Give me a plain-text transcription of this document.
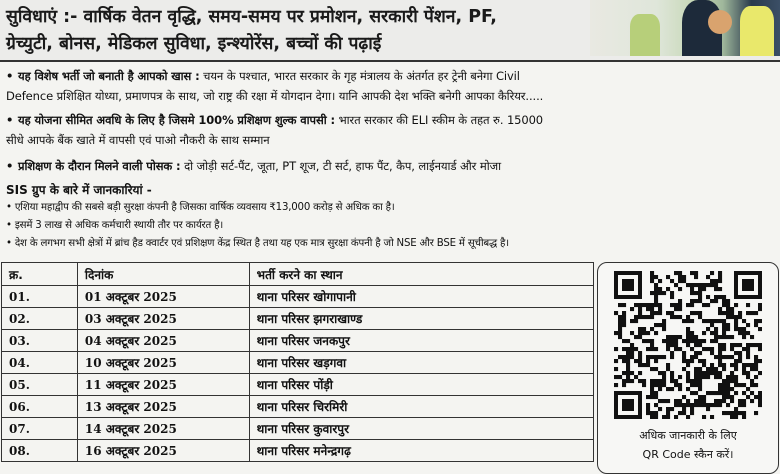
सुविधाएं :- वार्षिक वेतन वृद्धि, समय-समय पर प्रमोशन, सरकारी पेंशन, PF,
ग्रेच्युटी, बोनस, मेडिकल सुविधा, इन्श्योरेंस, बच्चों की पढ़ाई
• यह विशेष भर्ती जो बनाती है आपको खास : चयन के पश्चात, भारत सरकार के गृह मंत्रालय के अंतर्गत हर ट्रेनी बनेगा Civil
Defence प्रशिक्षित योध्या, प्रमाणपत्र के साथ, जो राष्ट्र की रक्षा में योगदान देगा। यानि आपकी देश भक्ति बनेगी आपका कैरियर.....
• यह योजना सीमित अवधि के लिए है जिसमे 100% प्रशिक्षण शुल्क वापसी : भारत सरकार की ELI स्कीम के तहत रु. 15000
सीधे आपके बैंक खाते में वापसी एवं पाओ नौकरी के साथ सम्मान
• प्रशिक्षण के दौरान मिलने वाली पोसक : दो जोड़ी सर्ट-पैंट, जूता, PT शूज, टी सर्ट, हाफ पैंट, कैप, लाईनयार्ड और मोजा
SIS ग्रुप के बारे में जानकारियां -
• एशिया महाद्वीप की सबसे बड़ी सुरक्षा कंपनी है जिसका वार्षिक व्यवसाय ₹13,000 करोड़ से अधिक का है।
• इसमें 3 लाख से अधिक कर्मचारी स्थायी तौर पर कार्यरत है।
• देश के लगभग सभी क्षेत्रों में ब्रांच हैड क्वार्टर एवं प्रशिक्षण केंद्र स्थित है तथा यह एक मात्र सुरक्षा कंपनी है जो NSE और BSE में सूचीबद्ध है।
क्र.	दिनांक	भर्ती करने का स्थान
01.	01 अक्टूबर 2025	थाना परिसर खोगापानी
02.	03 अक्टूबर 2025	थाना परिसर झगराखाण्ड
03.	04 अक्टूबर 2025	थाना परिसर जनकपुर
04.	10 अक्टूबर 2025	थाना परिसर खड़गवा
05.	11 अक्टूबर 2025	थाना परिसर पोंड़ी
06.	13 अक्टूबर 2025	थाना परिसर चिरमिरी
07.	14 अक्टूबर 2025	थाना परिसर कुवारपुर
08.	16 अक्टूबर 2025	थाना परिसर मनेन्द्रगढ़
अधिक जानकारी के लिए
QR Code स्कैन करें।
